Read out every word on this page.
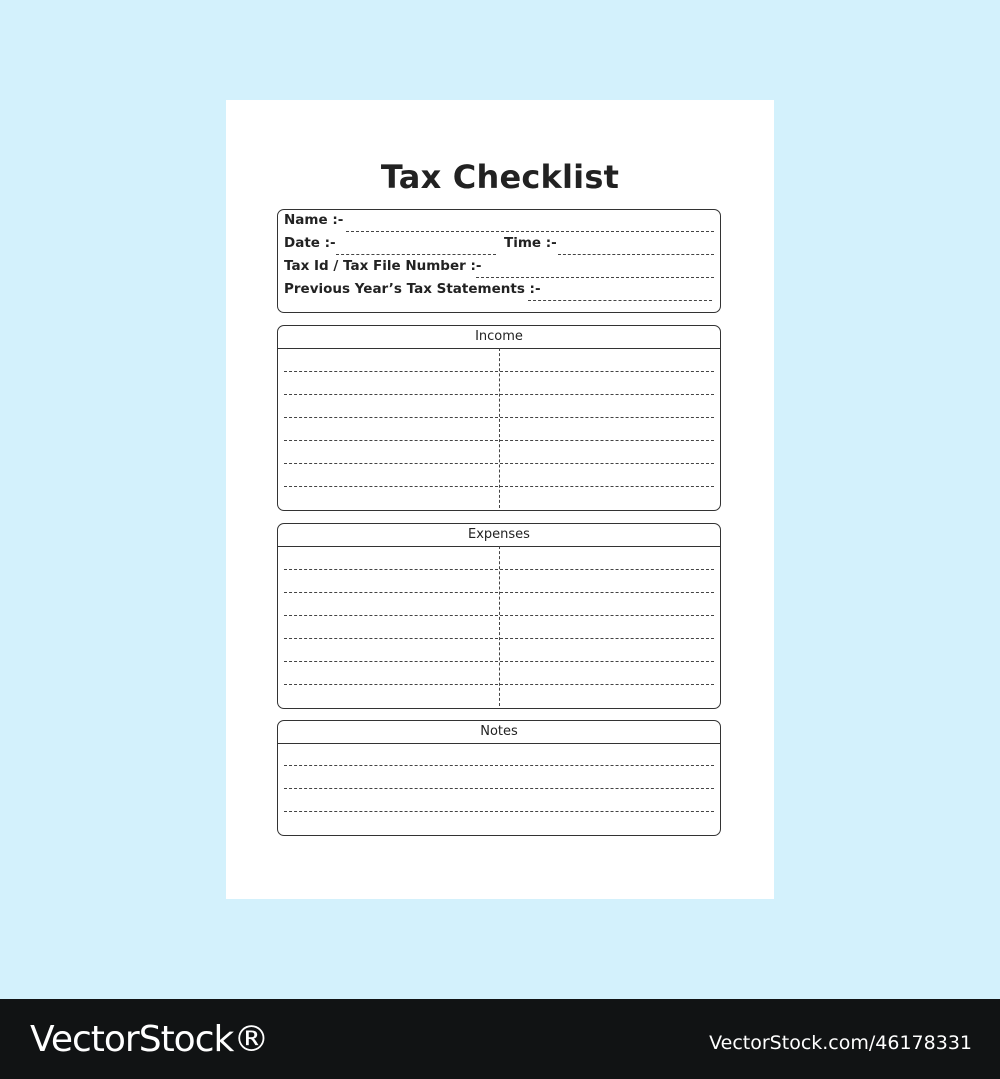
Tax Checklist
Name :-
Date :-	Time :-
Tax Id / Tax File Number :-
Previous Year’s Tax Statements :-
Income
Expenses
Notes
VectorStock®	VectorStock.com/46178331
